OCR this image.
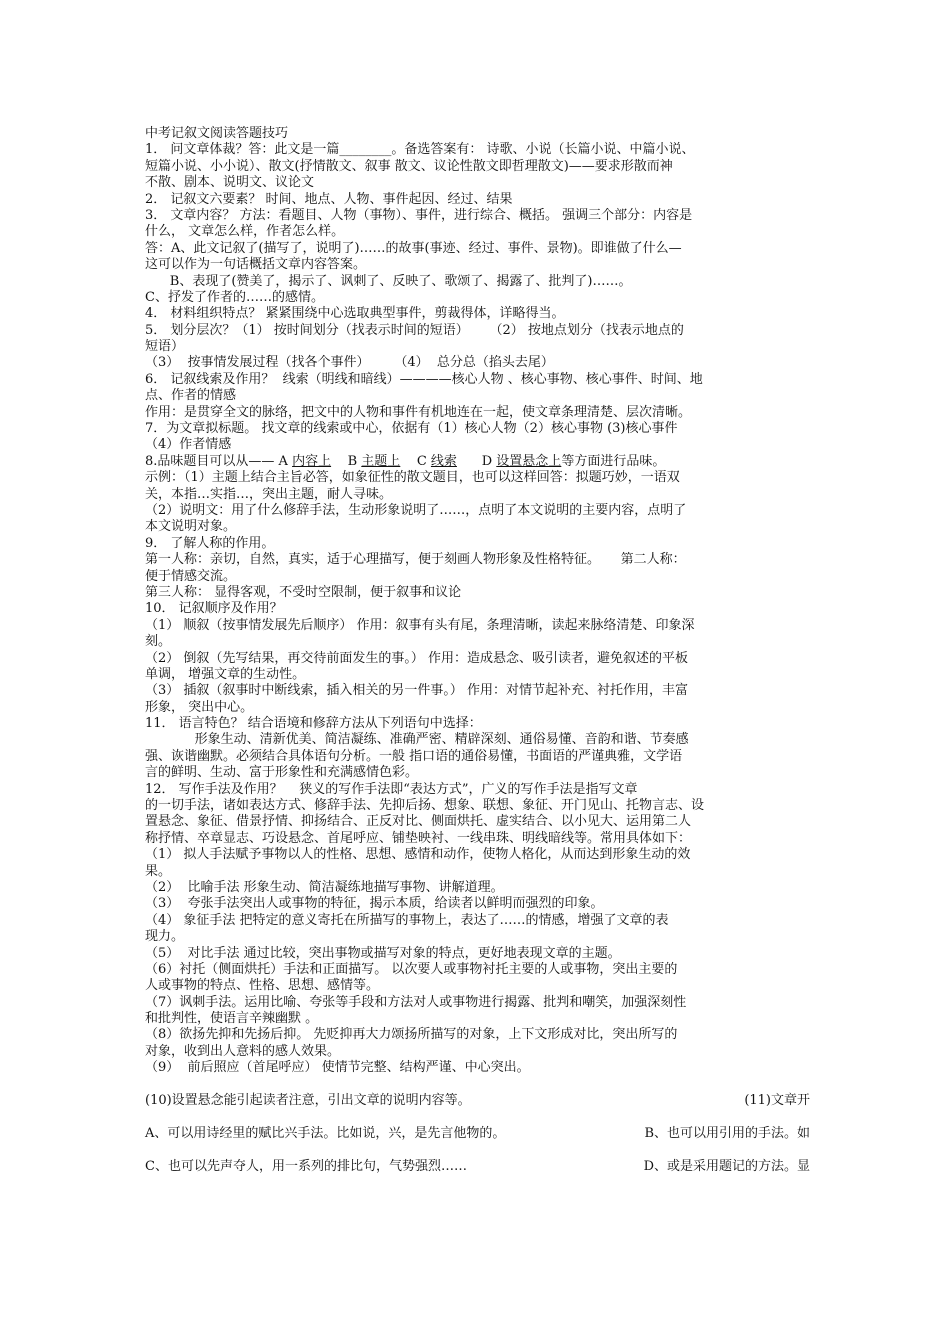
中考记叙文阅读答题技巧
1． 问文章体裁？答：此文是一篇________。备选答案有： 诗歌、小说（长篇小说、中篇小说、
短篇小说、小小说）、散文(抒情散文、叙事 散文、议论性散文即哲理散文)——要求形散而神
不散、剧本、说明文、议论文
2． 记叙文六要素？ 时间、地点、人物、事件起因、经过、结果
3． 文章内容？ 方法：看题目、人物（事物）、事件，进行综合、概括。 强调三个部分：内容是
什么， 文章怎么样，作者怎么样。
答：A、此文记叙了(描写了，说明了)……的故事(事迹、经过、事件、景物)。即谁做了什么—
这可以作为一句话概括文章内容答案。
B、表现了(赞美了，揭示了、讽刺了、反映了、歌颂了、揭露了、批判了)……。
C、抒发了作者的……的感情。
4． 材料组织特点？ 紧紧围绕中心选取典型事件，剪裁得体，详略得当。
5． 划分层次？（1） 按时间划分（找表示时间的短语）     （2） 按地点划分（找表示地点的
短语）
（3）  按事情发展过程（找各个事件）      （4）  总分总（掐头去尾）
6． 记叙线索及作用？  线索（明线和暗线）————核心人物 、核心事物、核心事件、时间、地
点、作者的情感
作用：是贯穿全文的脉络，把文中的人物和事件有机地连在一起，使文章条理清楚、层次清晰。
7．为文章拟标题。 找文章的线索或中心，依据有（1）核心人物（2）核心事物 (3)核心事件
（4）作者情感
8.品味题目可以从—— A 内容上    B 主题上    C 线索      D 设置悬念上等方面进行品味。
示例：（1）主题上结合主旨必答，如象征性的散文题目，也可以这样回答：拟题巧妙，一语双
关，本指…实指…，突出主题，耐人寻味。
（2）说明文：用了什么修辞手法，生动形象说明了……，点明了本文说明的主要内容，点明了
本文说明对象。
9． 了解人称的作用。
第一人称：亲切，自然，真实，适于心理描写，便于刻画人物形象及性格特征。     第二人称：
便于情感交流。
第三人称： 显得客观，不受时空限制，便于叙事和议论
10． 记叙顺序及作用？
（1） 顺叙（按事情发展先后顺序） 作用：叙事有头有尾，条理清晰，读起来脉络清楚、印象深
刻。
（2） 倒叙（先写结果，再交待前面发生的事。） 作用：造成悬念、吸引读者，避免叙述的平板
单调， 增强文章的生动性。
（3） 插叙（叙事时中断线索，插入相关的另一件事。） 作用：对情节起补充、衬托作用，丰富
形象， 突出中心。
11． 语言特色？ 结合语境和修辞方法从下列语句中选择：
形象生动、清新优美、简洁凝练、准确严密、精辟深刻、通俗易懂、音韵和谐、节奏感
强、诙谐幽默。必须结合具体语句分析。一般 指口语的通俗易懂，书面语的严谨典雅，文学语
言的鲜明、生动、富于形象性和充满感情色彩。
12． 写作手法及作用？    狭义的写作手法即“表达方式”，广义的写作手法是指写文章
的一切手法，诸如表达方式、修辞手法、先抑后扬、想象、联想、象征、开门见山、托物言志、设
置悬念、象征、借景抒情、抑扬结合、正反对比、侧面烘托、虚实结合、以小见大、运用第二人
称抒情、卒章显志、巧设悬念、首尾呼应、铺垫映衬、一线串珠、明线暗线等。常用具体如下：
（1） 拟人手法赋予事物以人的性格、思想、感情和动作，使物人格化，从而达到形象生动的效
果。
（2）  比喻手法 形象生动、简洁凝练地描写事物、讲解道理。
（3）  夸张手法突出人或事物的特征，揭示本质，给读者以鲜明而强烈的印象。
（4） 象征手法 把特定的意义寄托在所描写的事物上，表达了……的情感，增强了文章的表
现力。
（5）  对比手法 通过比较，突出事物或描写对象的特点，更好地表现文章的主题。
（6）衬托（侧面烘托）手法和正面描写。 以次要人或事物衬托主要的人或事物，突出主要的
人或事物的特点、性格、思想、感情等。
（7）讽刺手法。运用比喻、夸张等手段和方法对人或事物进行揭露、批判和嘲笑，加强深刻性
和批判性，使语言辛辣幽默 。
（8）欲扬先抑和先扬后抑。 先贬抑再大力颂扬所描写的对象，上下文形成对比，突出所写的
对象，收到出人意料的感人效果。
（9）  前后照应（首尾呼应） 使情节完整、结构严谨、中心突出。
(10)设置悬念能引起读者注意，引出文章的说明内容等。	(11)文章开
A、可以用诗经里的赋比兴手法。比如说，兴，是先言他物的。	B、也可以用引用的手法。如
C、也可以先声夺人，用一系列的排比句，气势强烈……	D、或是采用题记的方法。显
